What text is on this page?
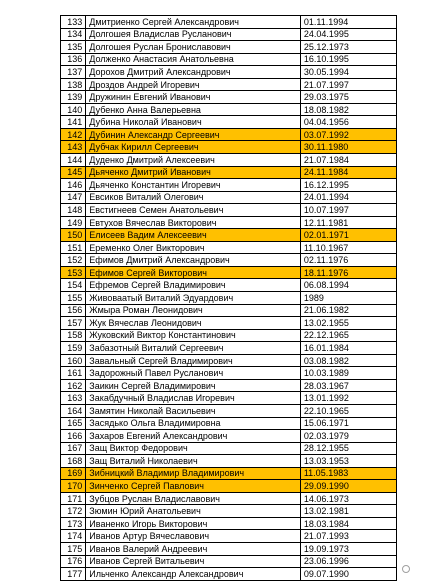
133	Дмитриенко Сергей Александрович	01.11.1994
134	Долгошея Владислав Русланович	24.04.1995
135	Долгошея Руслан Брониславович	25.12.1973
136	Долженко Анастасия Анатольевна	16.10.1995
137	Дорохов Дмитрий Александрович	30.05.1994
138	Дроздов Андрей Игоревич	21.07.1997
139	Дружинин Евгений Иванович	29.03.1975
140	Дубенко Анна Валерьевна	18.08.1982
141	Дубина Николай Иванович	04.04.1956
142	Дубинин Александр Сергеевич	03.07.1992
143	Дубчак Кирилл Сергеевич	30.11.1980
144	Дуденко Дмитрий Алексеевич	21.07.1984
145	Дьяченко Дмитрий Иванович	24.11.1984
146	Дьяченко Константин Игоревич	16.12.1995
147	Евсиков Виталий Олегович	24.01.1994
148	Евстигнеев Семен Анатольевич	10.07.1997
149	Евтухов Вячеслав Викторович	12.11.1981
150	Елисеев Вадим Алексеевич	02.01.1971
151	Еременко Олег Викторович	11.10.1967
152	Ефимов Дмитрий Александрович	02.11.1976
153	Ефимов Сергей Викторович	18.11.1976
154	Ефремов Сергей Владимирович	06.08.1994
155	Живоваатый Виталий Эдуардович	1989
156	Жмыра Роман Леонидович	21.06.1982
157	Жук Вячеслав Леонидович	13.02.1955
158	Жуковский Виктор Константинович	22.12.1965
159	Забазотный Виталий Сергеевич	16.01.1984
160	Завальный Сергей Владимирович	03.08.1982
161	Задорожный Павел Русланович	10.03.1989
162	Заикин Сергей Владимирович	28.03.1967
163	Закабдучный Владислав Игоревич	13.01.1992
164	Замятин Николай Васильевич	22.10.1965
165	Засядько Ольга Владимировна	15.06.1971
166	Захаров Евгений Александрович	02.03.1979
167	Защ Виктор Федорович	28.12.1955
168	Защ Виталий Николаевич	13.03.1953
169	Зибницкий Владимир Владимирович	11.05.1983
170	Зинченко Сергей Павлович	29.09.1990
171	Зубцов Руслан Владиславович	14.06.1973
172	Зюмин Юрий Анатольевич	13.02.1981
173	Иваненко Игорь Викторович	18.03.1984
174	Иванов Артур Вячеславович	21.07.1993
175	Иванов Валерий Андреевич	19.09.1973
176	Иванов Сергей Витальевич	23.06.1996
177	Ильченко Александр Александрович	09.07.1990
